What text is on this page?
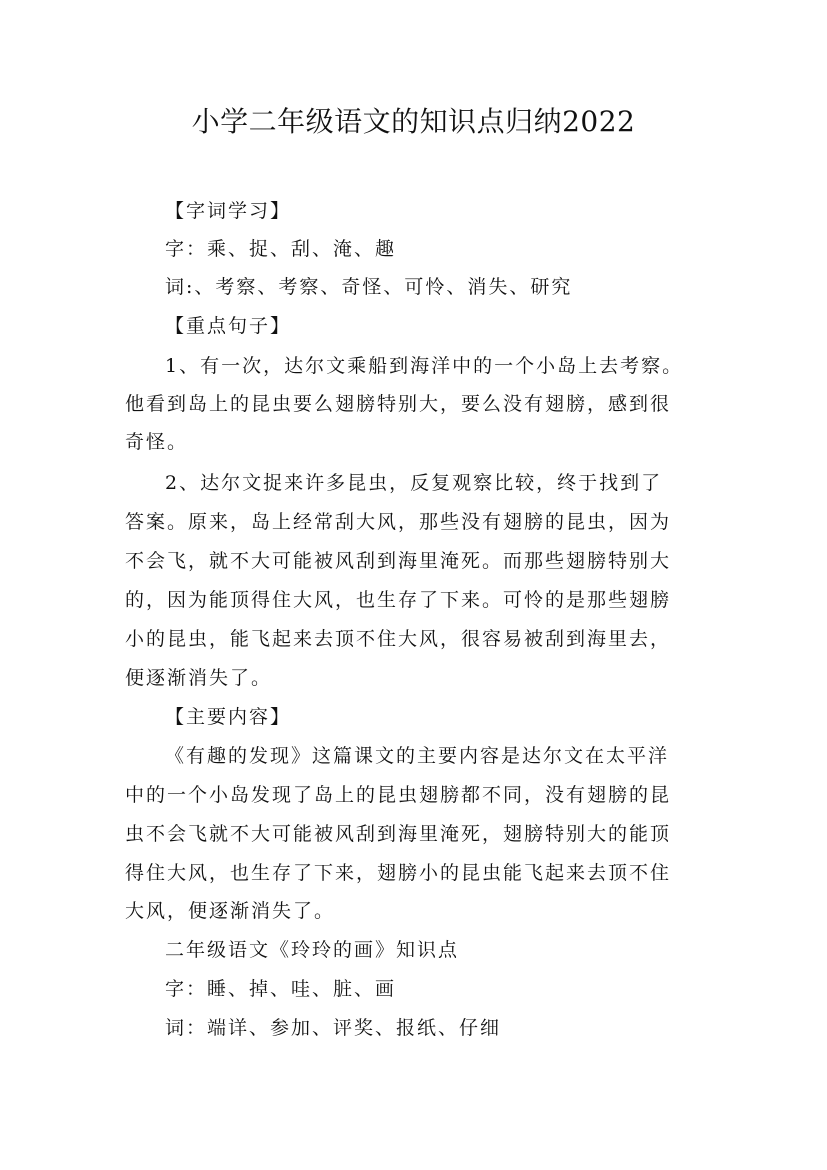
小学二年级语文的知识点归纳2022
【字词学习】
字：乘、捉、刮、淹、趣
词:、考察、考察、奇怪、可怜、消失、研究
【重点句子】
1、有一次，达尔文乘船到海洋中的一个小岛上去考察。
他看到岛上的昆虫要么翅膀特别大，要么没有翅膀，感到很
奇怪。
2、达尔文捉来许多昆虫，反复观察比较，终于找到了
答案。原来，岛上经常刮大风，那些没有翅膀的昆虫，因为
不会飞，就不大可能被风刮到海里淹死。而那些翅膀特别大
的，因为能顶得住大风，也生存了下来。可怜的是那些翅膀
小的昆虫，能飞起来去顶不住大风，很容易被刮到海里去，
便逐渐消失了。
【主要内容】
《有趣的发现》这篇课文的主要内容是达尔文在太平洋
中的一个小岛发现了岛上的昆虫翅膀都不同，没有翅膀的昆
虫不会飞就不大可能被风刮到海里淹死，翅膀特别大的能顶
得住大风，也生存了下来，翅膀小的昆虫能飞起来去顶不住
大风，便逐渐消失了。
二年级语文《玲玲的画》知识点
字：睡、掉、哇、脏、画
词：端详、参加、评奖、报纸、仔细
